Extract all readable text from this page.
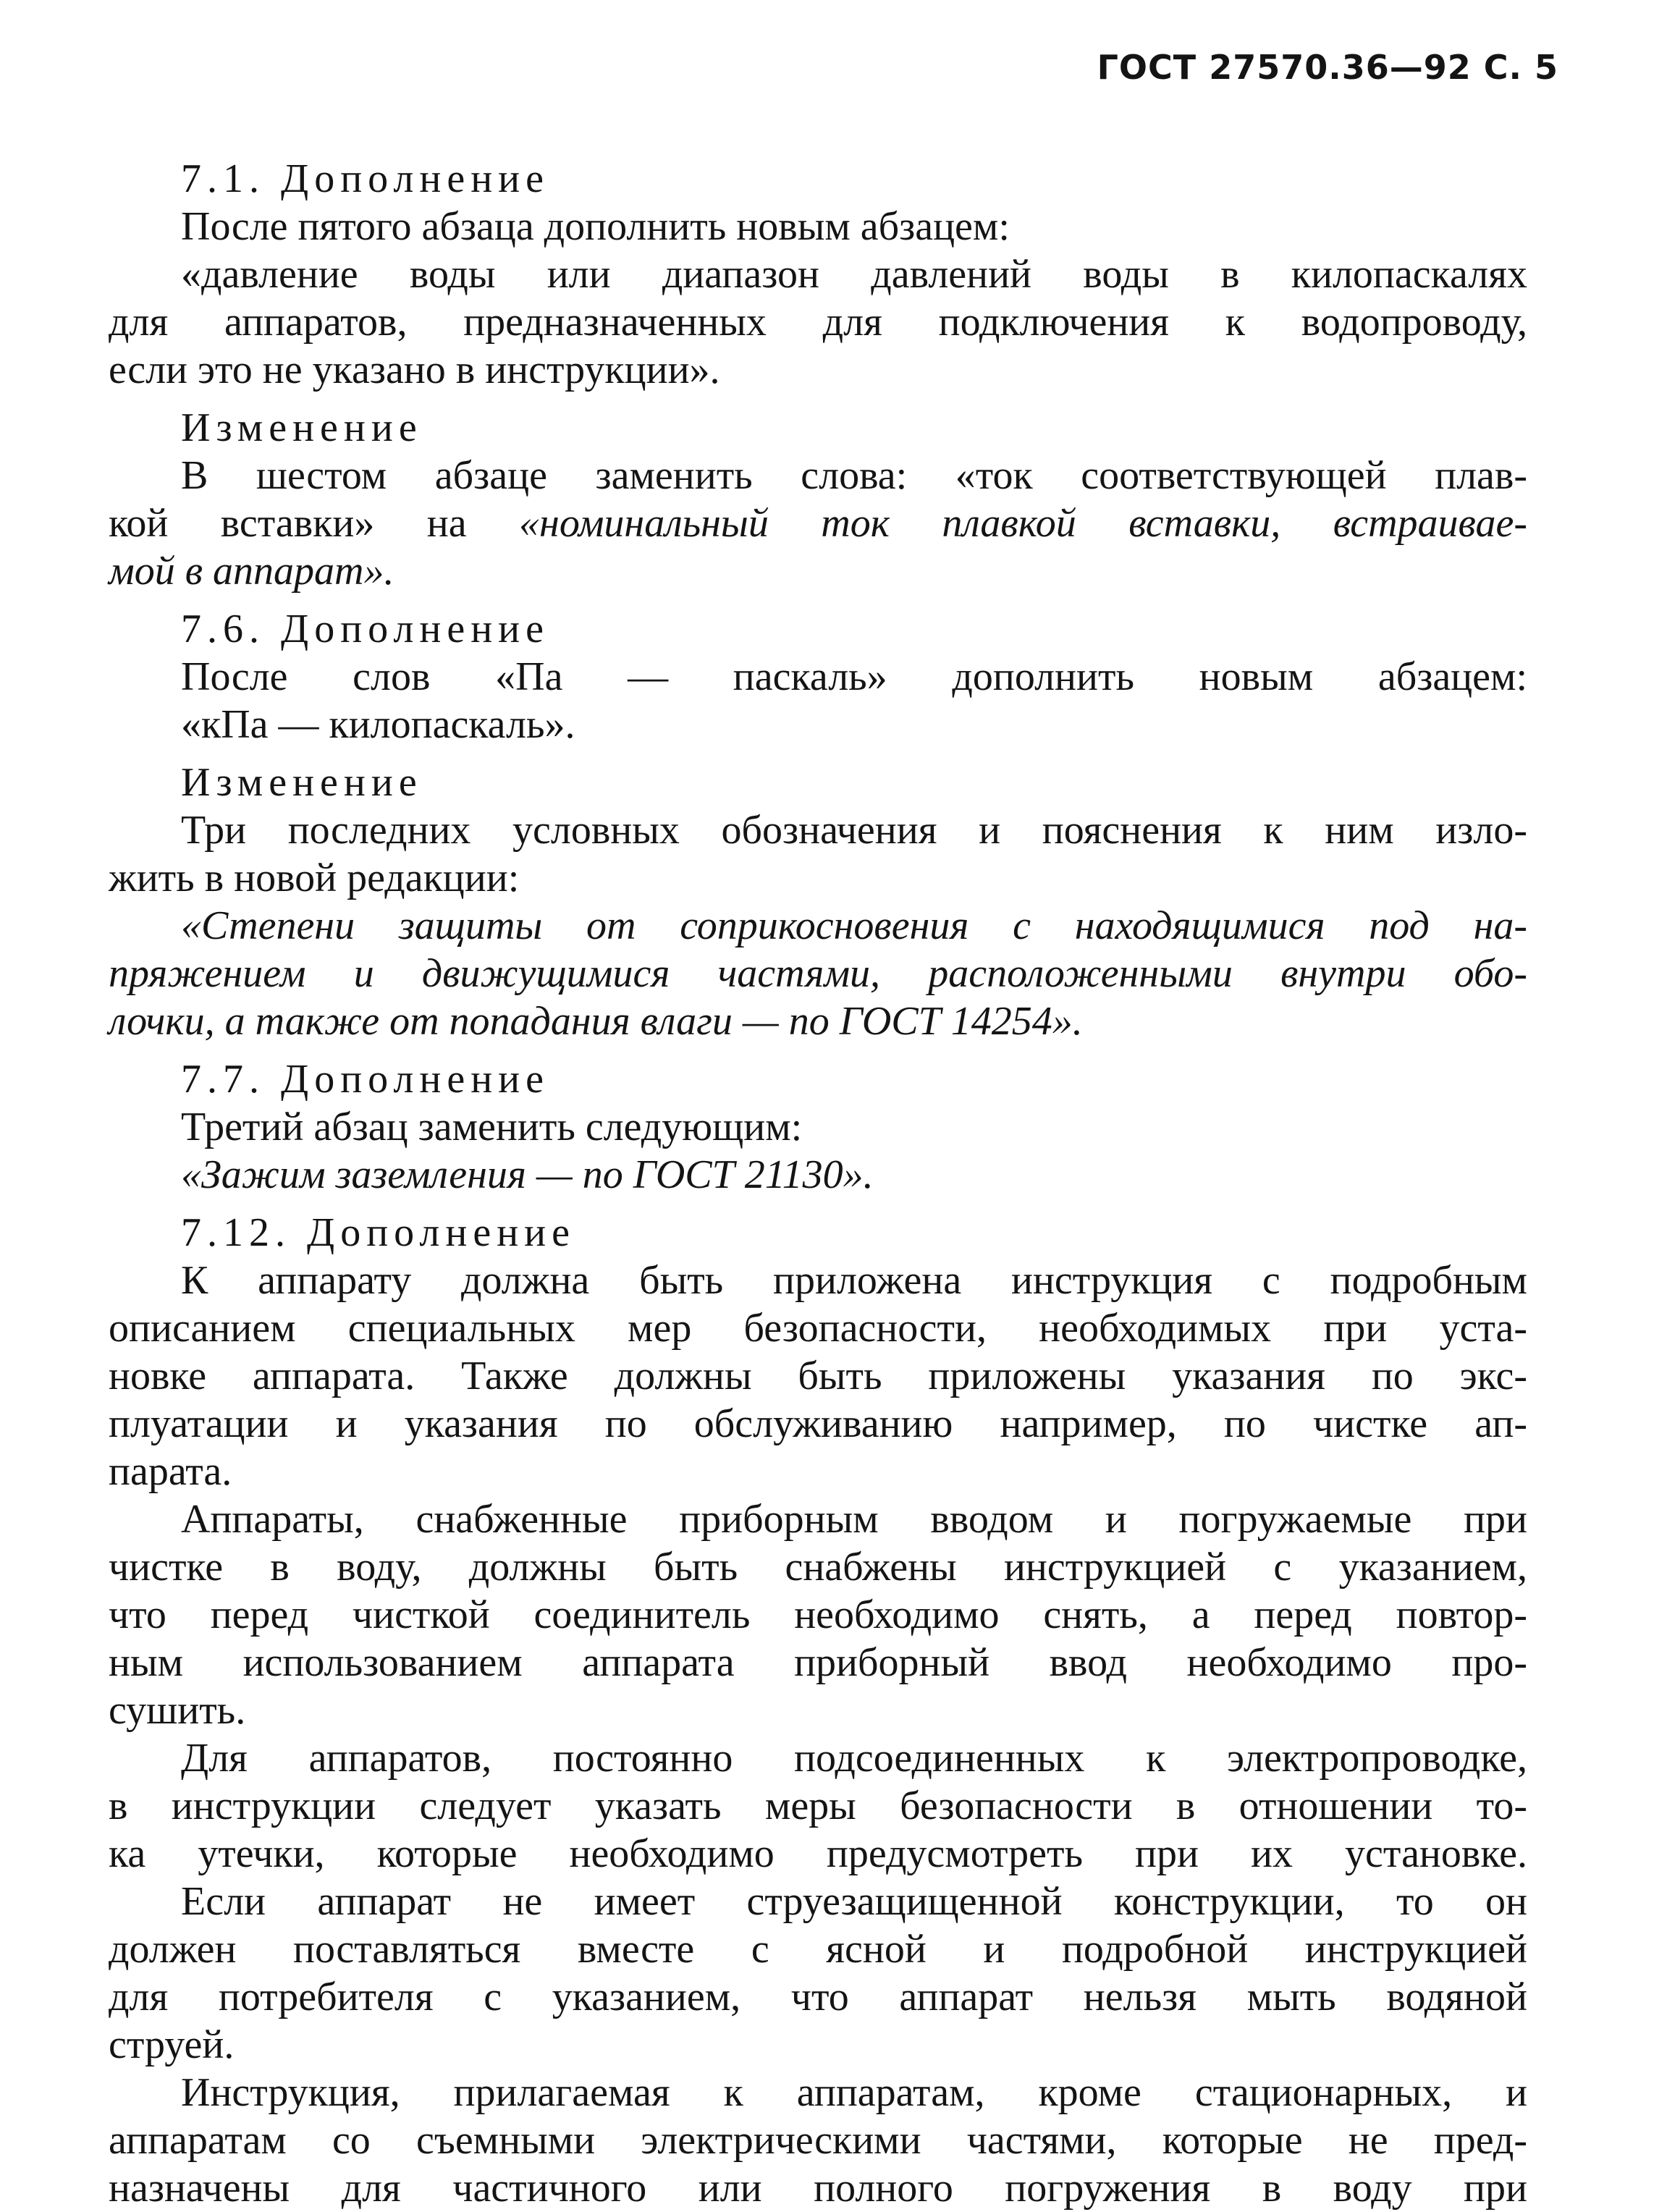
ГОСТ 27570.36—92 С. 5
7.1. Дополнение
После пятого абзаца дополнить новым абзацем:
«давление воды или диапазон давлений воды в килопаскалях
для аппаратов, предназначенных для подключения к водопроводу,
если это не указано в инструкции».
Изменение
В шестом абзаце заменить слова: «ток соответствующей плав-
кой вставки» на «номинальный ток плавкой вставки, встраивае-
мой в аппарат».
7.6. Дополнение
После слов «Па — паскаль» дополнить новым абзацем:
«кПа — килопаскаль».
Изменение
Три последних условных обозначения и пояснения к ним изло-
жить в новой редакции:
«Степени защиты от соприкосновения с находящимися под на-
пряжением и движущимися частями, расположенными внутри обо-
лочки, а также от попадания влаги — по ГОСТ 14254».
7.7. Дополнение
Третий абзац заменить следующим:
«Зажим заземления — по ГОСТ 21130».
7.12. Дополнение
К аппарату должна быть приложена инструкция с подробным
описанием специальных мер безопасности, необходимых при уста-
новке аппарата. Также должны быть приложены указания по экс-
плуатации и указания по обслуживанию например, по чистке ап-
парата.
Аппараты, снабженные приборным вводом и погружаемые при
чистке в воду, должны быть снабжены инструкцией с указанием,
что перед чисткой соединитель необходимо снять, а перед повтор-
ным использованием аппарата приборный ввод необходимо про-
сушить.
Для аппаратов, постоянно подсоединенных к электропроводке,
в инструкции следует указать меры безопасности в отношении то-
ка утечки, которые необходимо предусмотреть при их установке.
Если аппарат не имеет струезащищенной конструкции, то он
должен поставляться вместе с ясной и подробной инструкцией
для потребителя с указанием, что аппарат нельзя мыть водяной
струей.
Инструкция, прилагаемая к аппаратам, кроме стационарных, и
аппаратам со съемными электрическими частями, которые не пред-
назначены для частичного или полного погружения в воду при
